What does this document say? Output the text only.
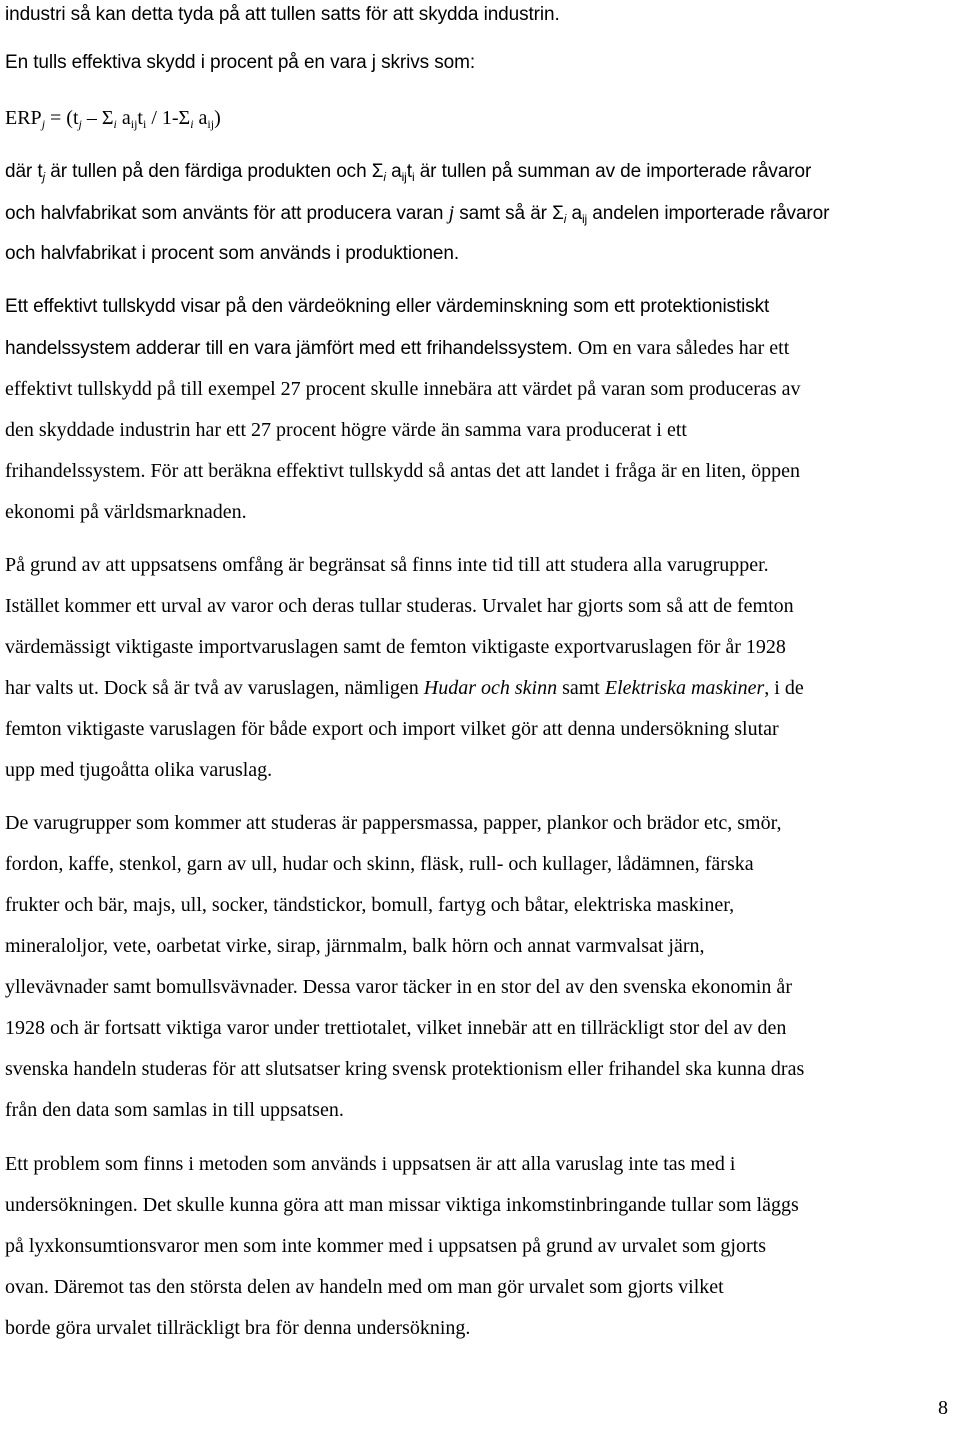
industri så kan detta tyda på att tullen satts för att skydda industrin.
En tulls effektiva skydd i procent på en vara j skrivs som:
$ERP_j = (t_j - \Sigma_i$ $a_{ij}t_i / 1-\Sigma_i$ $a_{ij}$)
där $t_j$ är tullen på den färdiga produkten och $\Sigma_i$ $a_{ij}t_i$ är tullen på summan av de importerade råvaror
och halvfabrikat som använts för att producera varan j samt så är $\Sigma_i$ $a_{ij}$ andelen importerade råvaror
och halvfabrikat i procent som används i produktionen.
Ett effektivt tullskydd visar på den värdeökning eller värdeminskning som ett protektionistiskt
handelssystem adderar till en vara jämfört med ett frihandelssystem. Om en vara således har ett
effektivt tullskydd på till exempel 27 procent skulle innebära att värdet på varan som produceras av
den skyddade industrin har ett 27 procent högre värde än samma vara producerat i ett
frihandelssystem. För att beräkna effektivt tullskydd så antas det att landet i fråga är en liten, öppen
ekonomi på världsmarknaden.
På grund av att uppsatsens omfång är begränsat så finns inte tid till att studera alla varugrupper.
Istället kommer ett urval av varor och deras tullar studeras. Urvalet har gjorts som så att de femton
värdemässigt viktigaste importvaruslagen samt de femton viktigaste exportvaruslagen för år 1928
har valts ut. Dock så är två av varuslagen, nämligen Hudar och skinn samt Elektriska maskiner, i de
femton viktigaste varuslagen för både export och import vilket gör att denna undersökning slutar
upp med tjugoåtta olika varuslag.
De varugrupper som kommer att studeras är pappersmassa, papper, plankor och brädor etc, smör,
fordon, kaffe, stenkol, garn av ull, hudar och skinn, fläsk, rull- och kullager, lådämnen, färska
frukter och bär, majs, ull, socker, tändstickor, bomull, fartyg och båtar, elektriska maskiner,
mineraloljor, vete, oarbetat virke, sirap, järnmalm, balk hörn och annat varmvalsat järn,
yllevävnader samt bomullsvävnader. Dessa varor täcker in en stor del av den svenska ekonomin år
1928 och är fortsatt viktiga varor under trettiotalet, vilket innebär att en tillräckligt stor del av den
svenska handeln studeras för att slutsatser kring svensk protektionism eller frihandel ska kunna dras
från den data som samlas in till uppsatsen.
Ett problem som finns i metoden som används i uppsatsen är att alla varuslag inte tas med i
undersökningen. Det skulle kunna göra att man missar viktiga inkomstinbringande tullar som läggs
på lyxkonsumtionsvaror men som inte kommer med i uppsatsen på grund av urvalet som gjorts
ovan. Däremot tas den största delen av handeln med om man gör urvalet som gjorts vilket
borde göra urvalet tillräckligt bra för denna undersökning.
8
